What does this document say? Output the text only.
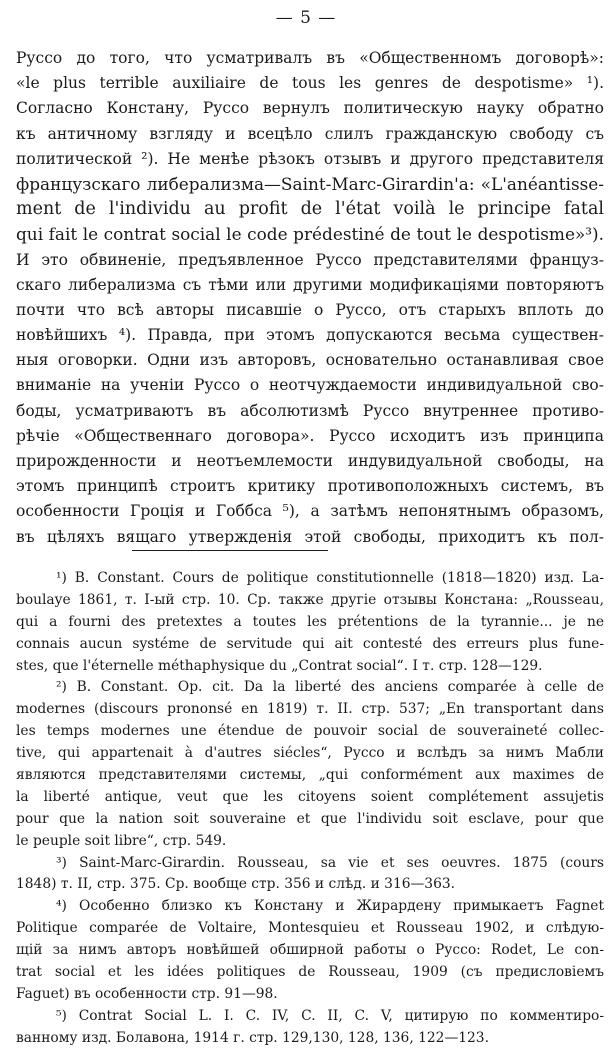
— 5 —
Руссо до того, что усматривалъ въ «Общественномъ договорѣ»:
«le plus terrible auxiliaire de tous les genres de despotisme» ¹).
Согласно Констану, Руссо вернулъ политическую науку обратно
къ античному взгляду и всецѣло слилъ гражданскую свободу съ
политической ²). Не менѣе рѣзокъ отзывъ и другого представителя
французскаго либерализма—Saint-Marc-Girardin'a: «L'anéantisse-
ment de l'individu au profit de l'état voilà le principe fatal
qui fait le contrat social le code prédestiné de tout le despotisme»³).
И это обвиненіе, предъявленное Руссо представителями француз-
скаго либерализма съ тѣми или другими модификаціями повторяютъ
почти что всѣ авторы писавшіе о Руссо, отъ старыхъ вплоть до
новѣйшихъ ⁴). Правда, при этомъ допускаются весьма существен-
ныя оговорки. Одни изъ авторовъ, основательно останавливая свое
вниманіе на ученіи Руссо о неотчуждаемости индивидуальной сво-
боды, усматриваютъ въ абсолютизмѣ Руссо внутреннее противо-
рѣчіе «Общественнаго договора». Руссо исходитъ изъ принципа
прирожденности и неотъемлемости индувидуальной свободы, на
этомъ принципѣ строитъ критику противоположныхъ системъ, въ
особенности Гроція и Гоббса ⁵), а затѣмъ непонятнымъ образомъ,
въ цѣляхъ вящаго утвержденія этой свободы, приходитъ къ пол-
¹) B. Constant. Cours de politique constitutionnelle (1818—1820) изд. La-
boulaye 1861, т. I-ый стр. 10. Ср. также другіе отзывы Констана: „Rousseau,
qui a fourni des pretextes a toutes les prétentions de la tyrannie... je ne
connais aucun systéme de servitude qui ait contesté des erreurs plus fune-
stes, que l'éternelle méthaphysique du „Contrat social“. I т. стр. 128—129.
²) B. Constant. Op. cit. Da la liberté des anciens comparée à celle de
modernes (discours prononsé en 1819) т. II. стр. 537; „En transportant dans
les temps modernes une étendue de pouvoir social de souveraineté collec-
tive, qui appartenait à d'autres siécles“, Руссо и вслѣдъ за нимъ Мабли
являются представителями системы, „qui conformément aux maximes de
la liberté antique, veut que les citoyens soient complétement assujetis
pour que la nation soit souveraine et que l'individu soit esclave, pour que
le peuple soit libre“, стр. 549.
³) Saint-Marc-Girardin. Rousseau, sa vie et ses oeuvres. 1875 (cours
1848) т. II, стр. 375. Ср. вообще стр. 356 и слѣд. и 316—363.
⁴) Особенно близко къ Констану и Жирардену примыкаетъ Fagnet
Politique comparée de Voltaire, Montesquieu et Rousseau 1902, и слѣдую-
щій за нимъ авторъ новѣйшей обширной работы о Руссо: Rodet, Le con-
trat social et les idées politiques de Rousseau, 1909 (съ предисловіемъ
Faguet) въ особенности стр. 91—98.
⁵) Contrat Social L. I. C. IV, C. II, C. V, цитирую по комментиро-
ванному изд. Болавона, 1914 г. стр. 129,130, 128, 136, 122—123.
